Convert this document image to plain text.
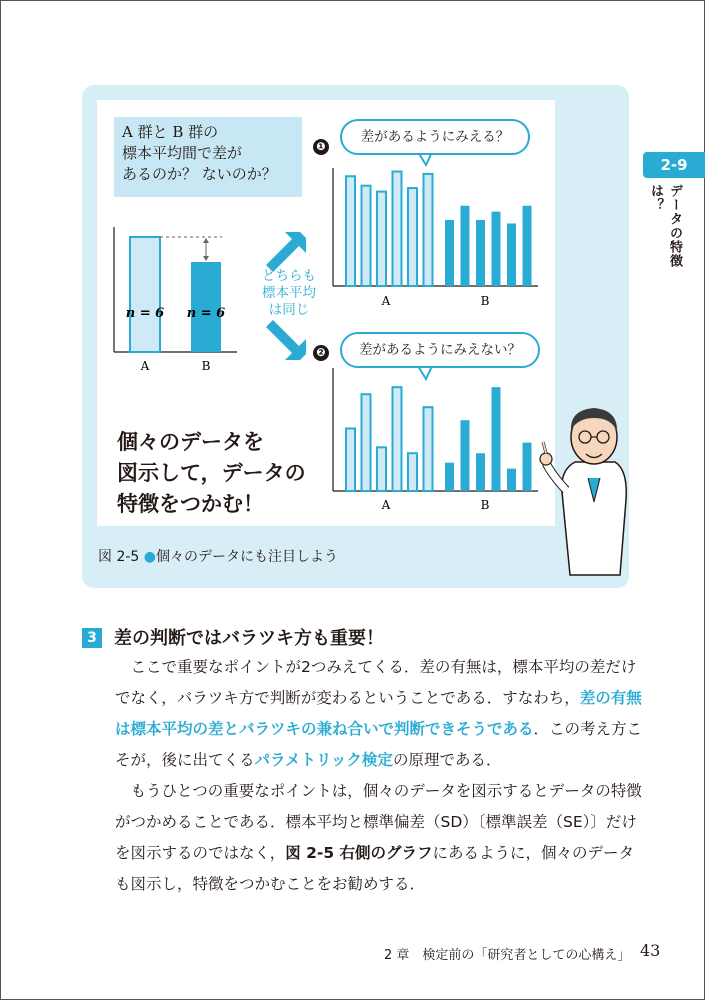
2-9
データの特徴は？
A 群と B 群の
標本平均間で差が
あるのか？ ないのか？
n = 6 n = 6
A	B
A	B
A	B
どちらも
標本平均
は同じ
❶
差があるようにみえる？
❷	差があるようにみえない？
個々のデータを
図示して，データの
特徴をつかむ！
図 2-5 ●個々のデータにも注目しよう
3 差の判断ではバラツキ方も重要！

ここで重要なポイントが2つみえてくる．差の有無は，標本平均の差だけでなく，バラツキ方で判断が変わるということである．すなわち，差の有無は標本平均の差とバラツキの兼ね合いで判断できそうである．この考え方こそが，後に出てくるパラメトリック検定の原理である．

もうひとつの重要なポイントは，個々のデータを図示するとデータの特徴がつかめることである．標本平均と標準偏差（SD）〔標準誤差（SE）〕だけを図示するのではなく，図 2-5 右側のグラフにあるように，個々のデータも図示し，特徴をつかむことをお勧めする．

2 章　検定前の「研究者としての心構え」 43
